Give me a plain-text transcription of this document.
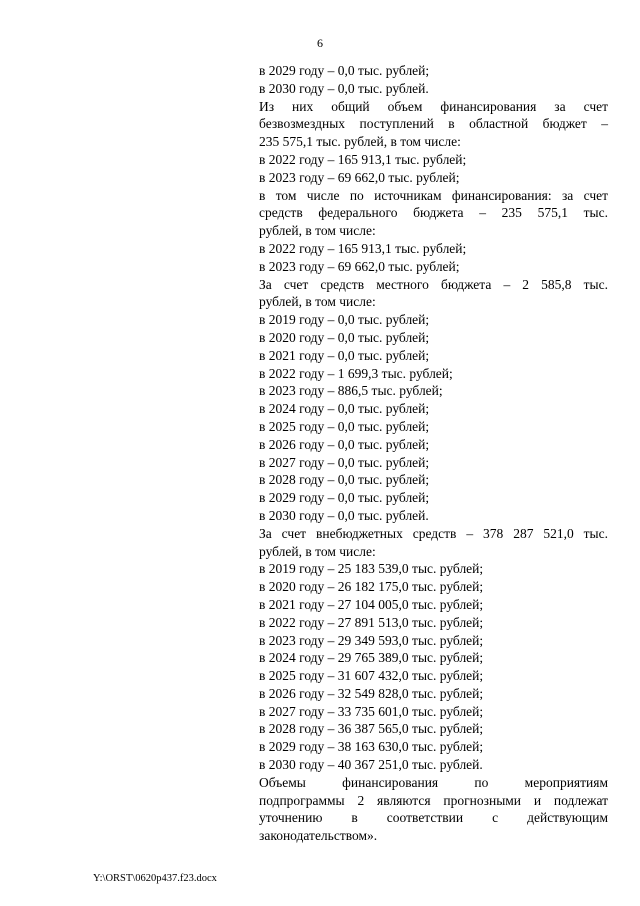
6
в 2029 году – 0,0 тыс. рублей;
в 2030 году – 0,0 тыс. рублей.
Из них общий объем финансирования за счет
безвозмездных поступлений в областной бюджет –
235 575,1 тыс. рублей, в том числе:
в 2022 году – 165 913,1 тыс. рублей;
в 2023 году – 69 662,0 тыс. рублей;
в том числе по источникам финансирования: за счет
средств федерального бюджета – 235 575,1 тыс.
рублей, в том числе:
в 2022 году – 165 913,1 тыс. рублей;
в 2023 году – 69 662,0 тыс. рублей;
За счет средств местного бюджета – 2 585,8 тыс.
рублей, в том числе:
в 2019 году – 0,0 тыс. рублей;
в 2020 году – 0,0 тыс. рублей;
в 2021 году – 0,0 тыс. рублей;
в 2022 году – 1 699,3 тыс. рублей;
в 2023 году – 886,5 тыс. рублей;
в 2024 году – 0,0 тыс. рублей;
в 2025 году – 0,0 тыс. рублей;
в 2026 году – 0,0 тыс. рублей;
в 2027 году – 0,0 тыс. рублей;
в 2028 году – 0,0 тыс. рублей;
в 2029 году – 0,0 тыс. рублей;
в 2030 году – 0,0 тыс. рублей.
За счет внебюджетных средств – 378 287 521,0 тыс.
рублей, в том числе:
в 2019 году – 25 183 539,0 тыс. рублей;
в 2020 году – 26 182 175,0 тыс. рублей;
в 2021 году – 27 104 005,0 тыс. рублей;
в 2022 году – 27 891 513,0 тыс. рублей;
в 2023 году – 29 349 593,0 тыс. рублей;
в 2024 году – 29 765 389,0 тыс. рублей;
в 2025 году – 31 607 432,0 тыс. рублей;
в 2026 году – 32 549 828,0 тыс. рублей;
в 2027 году – 33 735 601,0 тыс. рублей;
в 2028 году – 36 387 565,0 тыс. рублей;
в 2029 году – 38 163 630,0 тыс. рублей;
в 2030 году – 40 367 251,0 тыс. рублей.
Объемы финансирования по мероприятиям
подпрограммы 2 являются прогнозными и подлежат
уточнению в соответствии с действующим
законодательством».
Y:\ORST\0620p437.f23.docx
